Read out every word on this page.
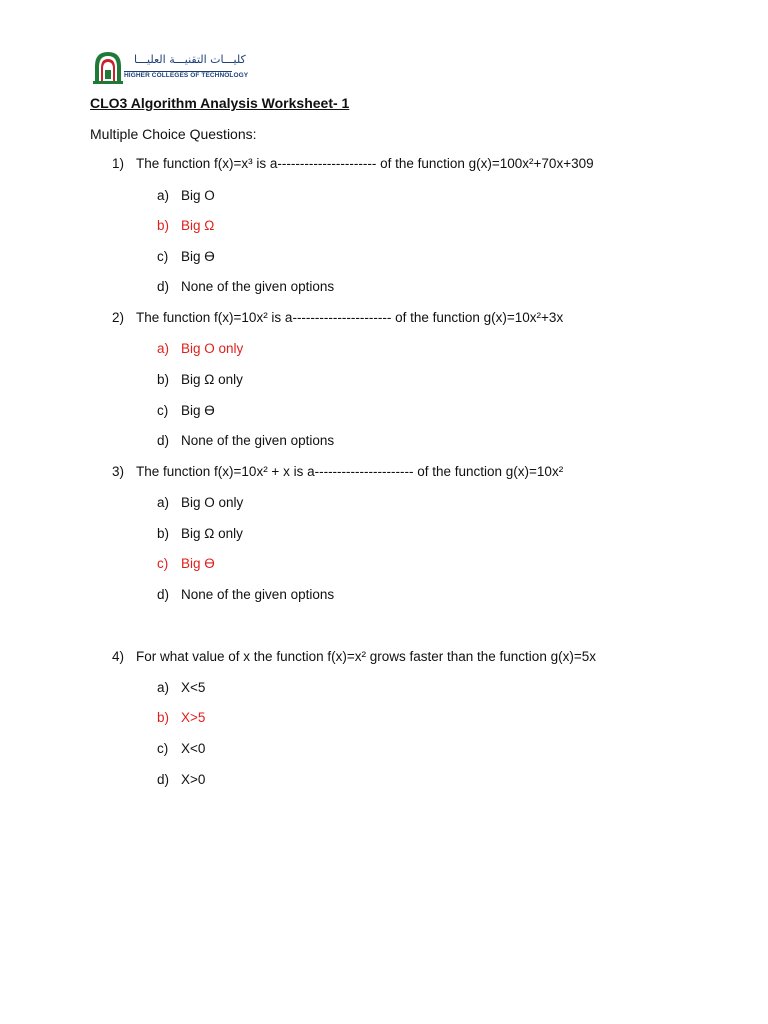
كليـــات التقنيـــة العليـــا
HIGHER COLLEGES OF TECHNOLOGY
CLO3 Algorithm Analysis Worksheet- 1
Multiple Choice Questions:
1) The function f(x)=x³ is a---------------------- of the function g(x)=100x²+70x+309
a) Big O
b) Big Ω
c) Big ϴ
d) None of the given options
2) The function f(x)=10x² is a---------------------- of the function g(x)=10x²+3x
a) Big O only
b) Big Ω only
c) Big ϴ
d) None of the given options
3) The function f(x)=10x² + x is a---------------------- of the function g(x)=10x²
a) Big O only
b) Big Ω only
c) Big ϴ
d) None of the given options
4) For what value of x the function f(x)=x² grows faster than the function g(x)=5x
a) X<5
b) X>5
c) X<0
d) X>0
